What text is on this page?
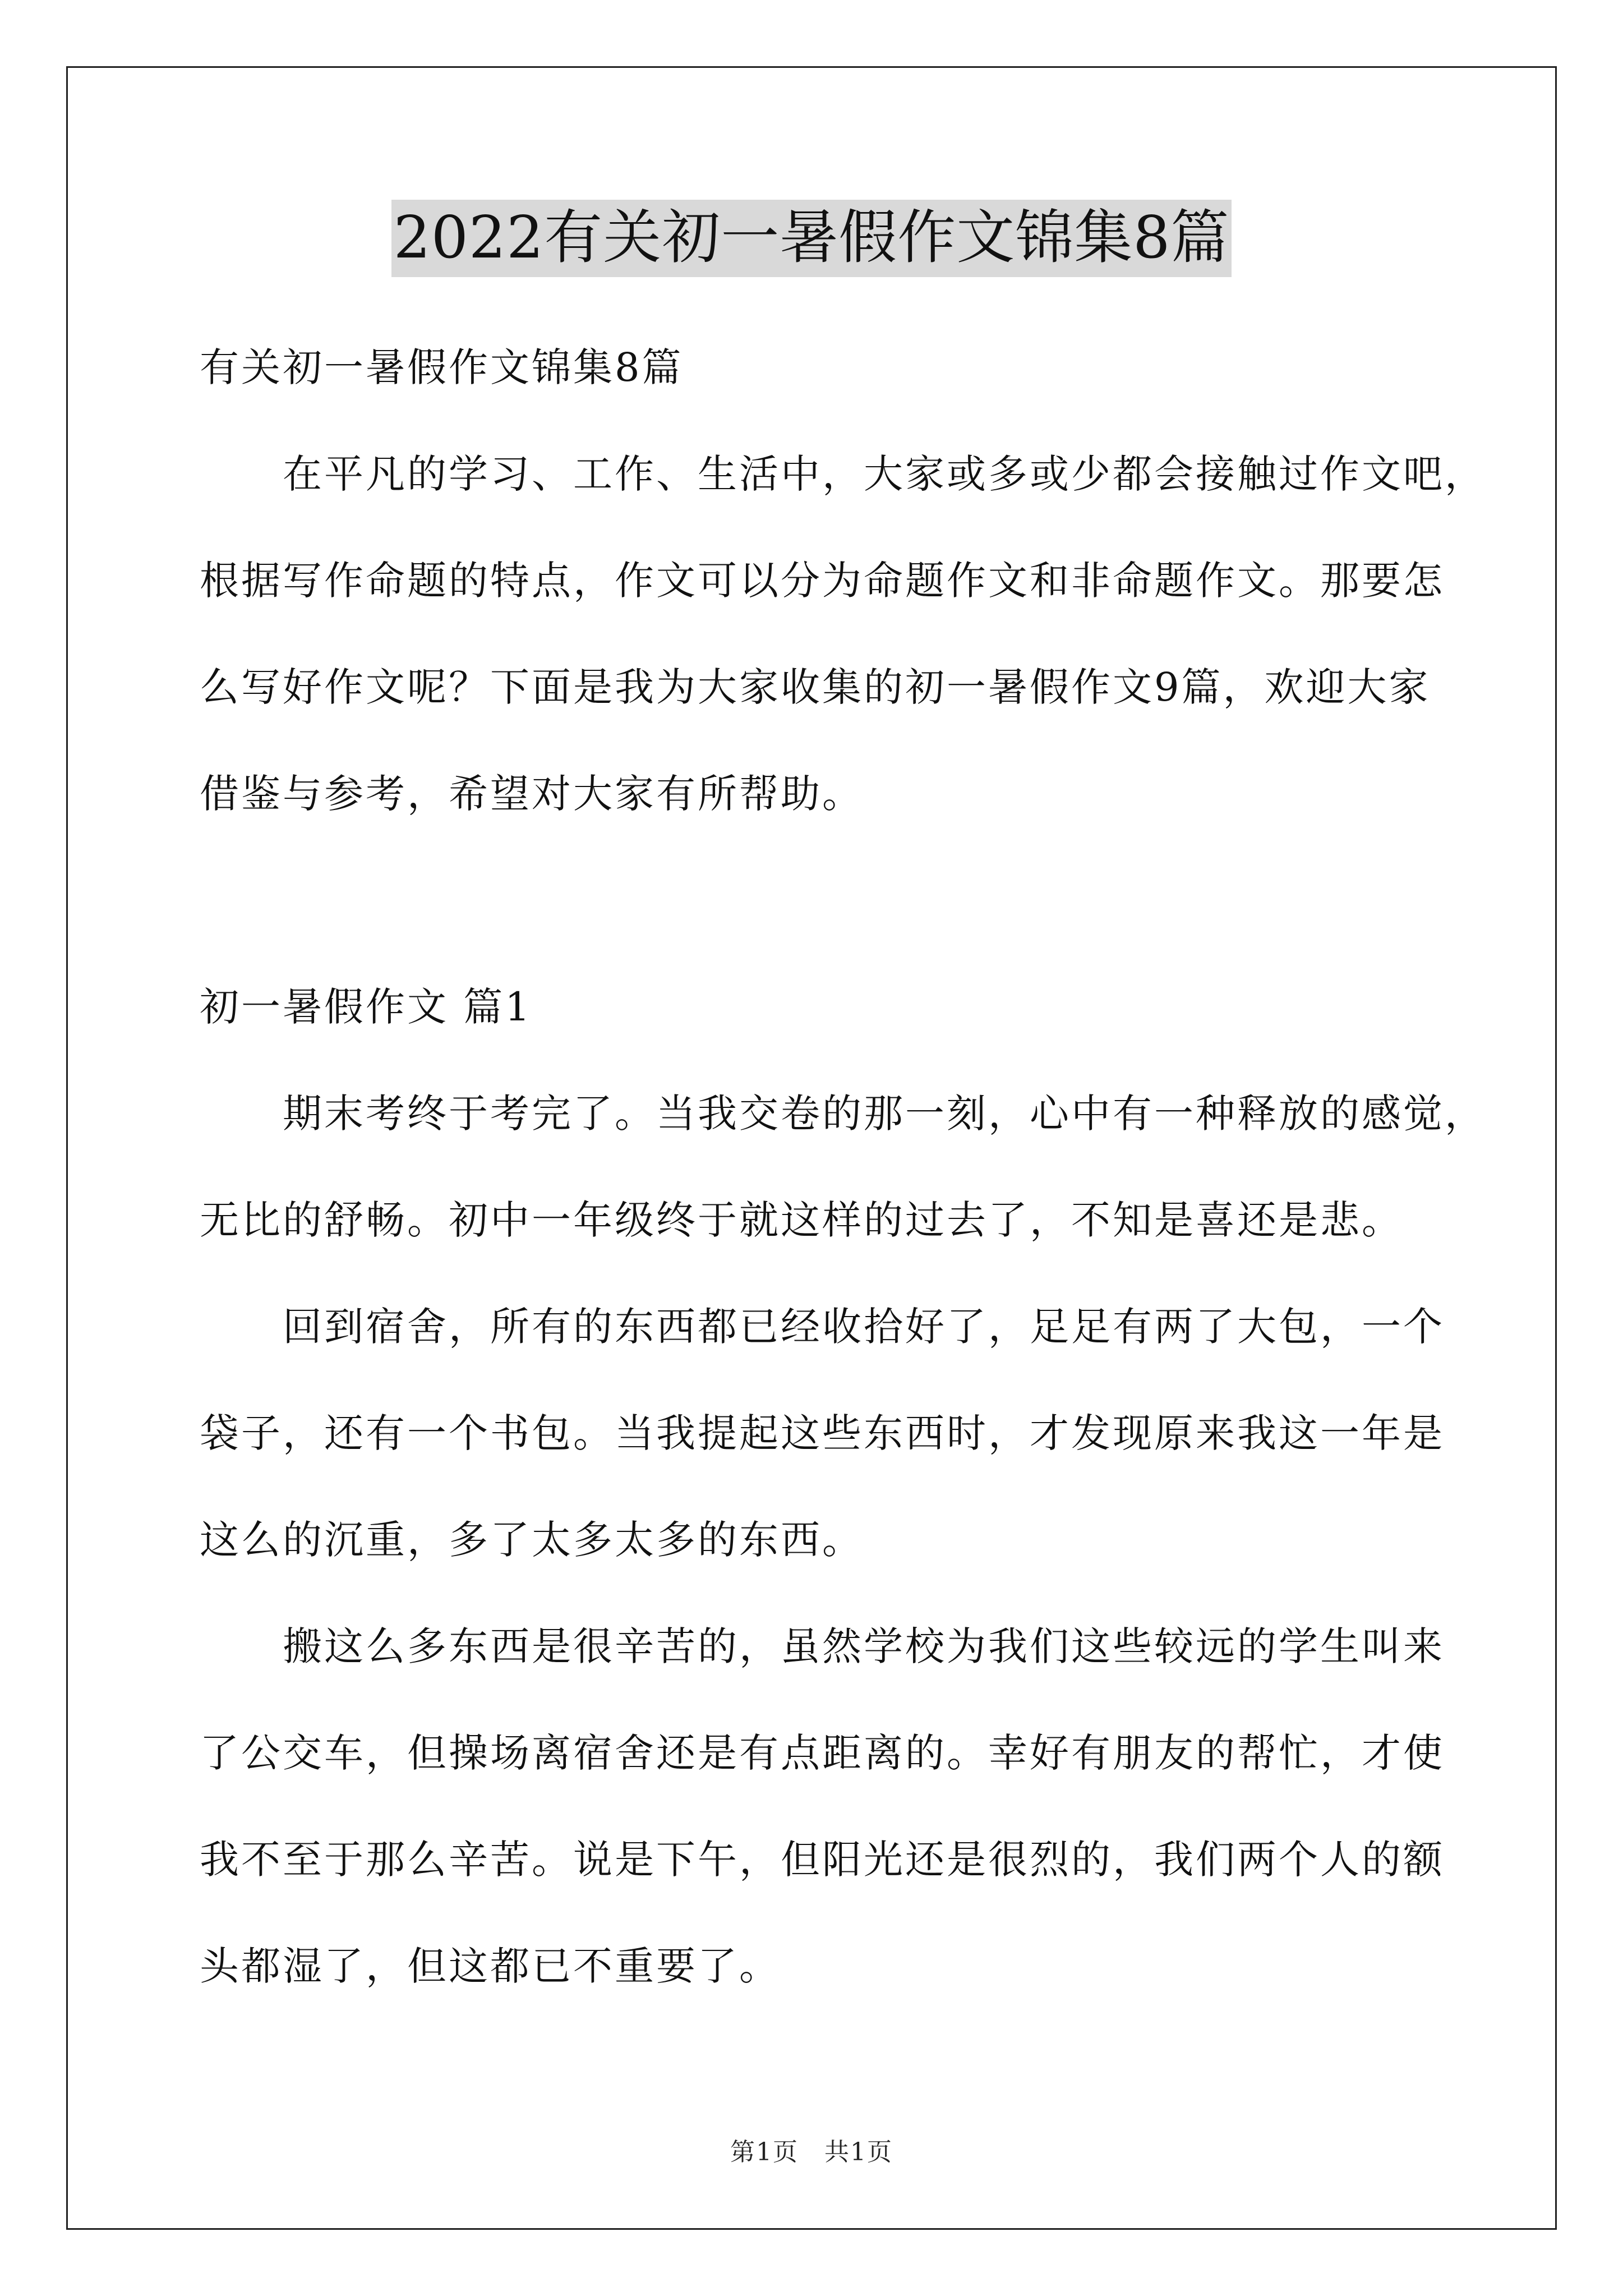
2022有关初一暑假作文锦集8篇
有关初一暑假作文锦集8篇
在平凡的学习、工作、生活中，大家或多或少都会接触过作文吧，
根据写作命题的特点，作文可以分为命题作文和非命题作文。那要怎
么写好作文呢？下面是我为大家收集的初一暑假作文9篇，欢迎大家
借鉴与参考，希望对大家有所帮助。
初一暑假作文 篇1
期末考终于考完了。当我交卷的那一刻，心中有一种释放的感觉，
无比的舒畅。初中一年级终于就这样的过去了，不知是喜还是悲。
回到宿舍，所有的东西都已经收拾好了，足足有两了大包，一个
袋子，还有一个书包。当我提起这些东西时，才发现原来我这一年是
这么的沉重，多了太多太多的东西。
搬这么多东西是很辛苦的，虽然学校为我们这些较远的学生叫来
了公交车，但操场离宿舍还是有点距离的。幸好有朋友的帮忙，才使
我不至于那么辛苦。说是下午，但阳光还是很烈的，我们两个人的额
头都湿了，但这都已不重要了。
第1页　共1页
